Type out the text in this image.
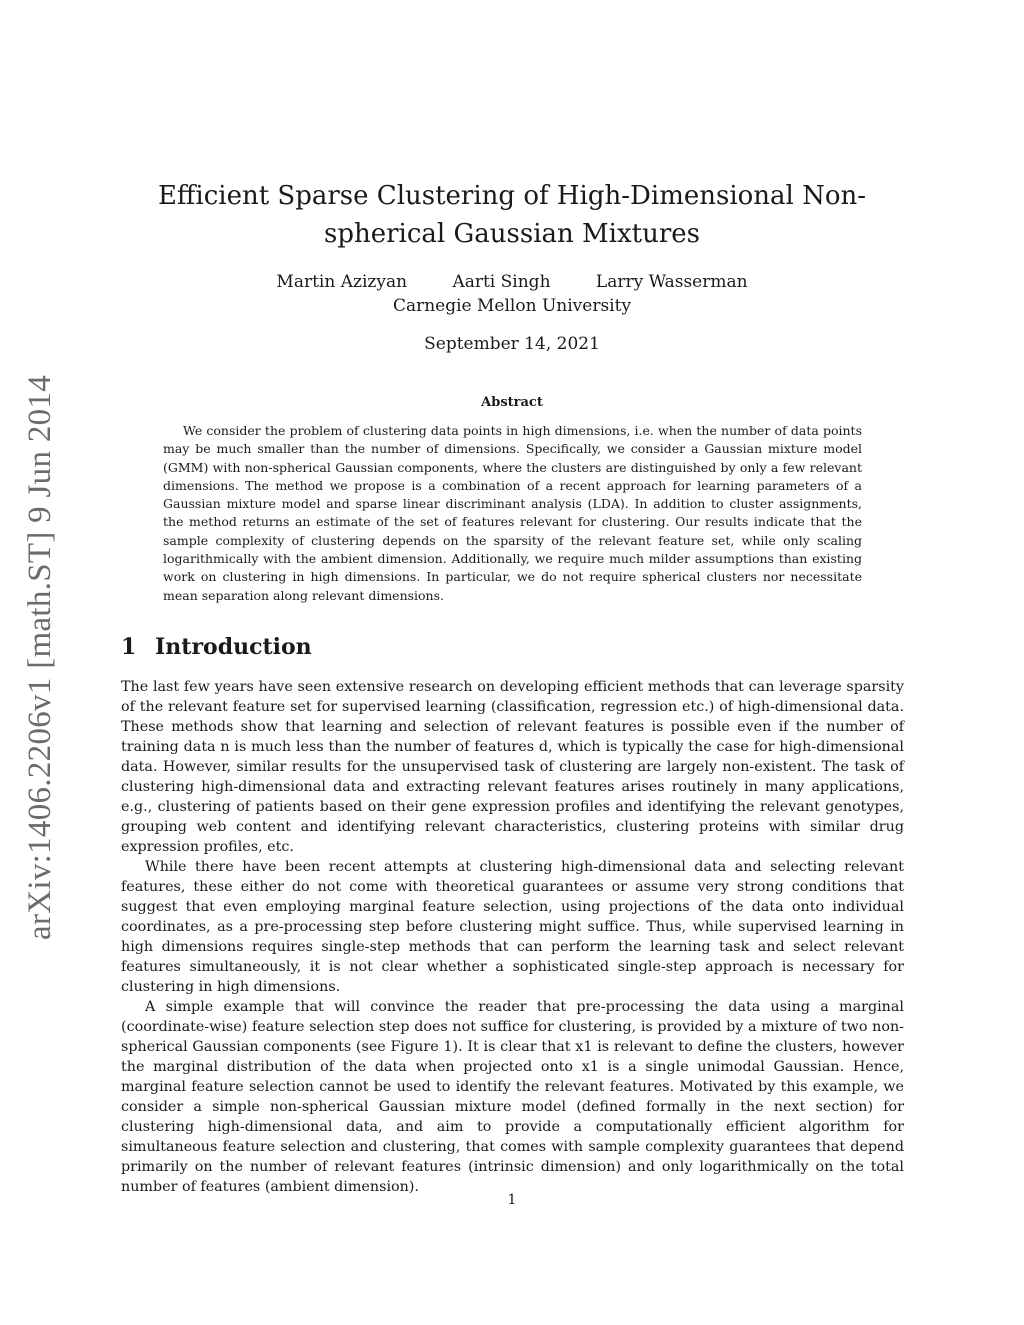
arXiv:1406.2206v1 [math.ST] 9 Jun 2014
Efficient Sparse Clustering of High-Dimensional Non-spherical Gaussian Mixtures
Martin Azizyan	Aarti Singh	Larry Wasserman
Carnegie Mellon University
September 14, 2021
Abstract

We consider the problem of clustering data points in high dimensions, i.e. when the number of data points may be much smaller than the number of dimensions. Specifically, we consider a Gaussian mixture model (GMM) with non-spherical Gaussian components, where the clusters are distinguished by only a few relevant dimensions. The method we propose is a combination of a recent approach for learning parameters of a Gaussian mixture model and sparse linear discriminant analysis (LDA). In addition to cluster assignments, the method returns an estimate of the set of features relevant for clustering. Our results indicate that the sample complexity of clustering depends on the sparsity of the relevant feature set, while only scaling logarithmically with the ambient dimension. Additionally, we require much milder assumptions than existing work on clustering in high dimensions. In particular, we do not require spherical clusters nor necessitate mean separation along relevant dimensions.

1 Introduction

The last few years have seen extensive research on developing efficient methods that can leverage sparsity of the relevant feature set for supervised learning (classification, regression etc.) of high-dimensional data. These methods show that learning and selection of relevant features is possible even if the number of training data n is much less than the number of features d, which is typically the case for high-dimensional data. However, similar results for the unsupervised task of clustering are largely non-existent. The task of clustering high-dimensional data and extracting relevant features arises routinely in many applications, e.g., clustering of patients based on their gene expression profiles and identifying the relevant genotypes, grouping web content and identifying relevant characteristics, clustering proteins with similar drug expression profiles, etc.

While there have been recent attempts at clustering high-dimensional data and selecting relevant features, these either do not come with theoretical guarantees or assume very strong conditions that suggest that even employing marginal feature selection, using projections of the data onto individual coordinates, as a pre-processing step before clustering might suffice. Thus, while supervised learning in high dimensions requires single-step methods that can perform the learning task and select relevant features simultaneously, it is not clear whether a sophisticated single-step approach is necessary for clustering in high dimensions.

A simple example that will convince the reader that pre-processing the data using a marginal (coordinate-wise) feature selection step does not suffice for clustering, is provided by a mixture of two non-spherical Gaussian components (see Figure 1). It is clear that x1 is relevant to define the clusters, however the marginal distribution of the data when projected onto x1 is a single unimodal Gaussian. Hence, marginal feature selection cannot be used to identify the relevant features. Motivated by this example, we consider a simple non-spherical Gaussian mixture model (defined formally in the next section) for clustering high-dimensional data, and aim to provide a computationally efficient algorithm for simultaneous feature selection and clustering, that comes with sample complexity guarantees that depend primarily on the number of relevant features (intrinsic dimension) and only logarithmically on the total number of features (ambient dimension).

1
